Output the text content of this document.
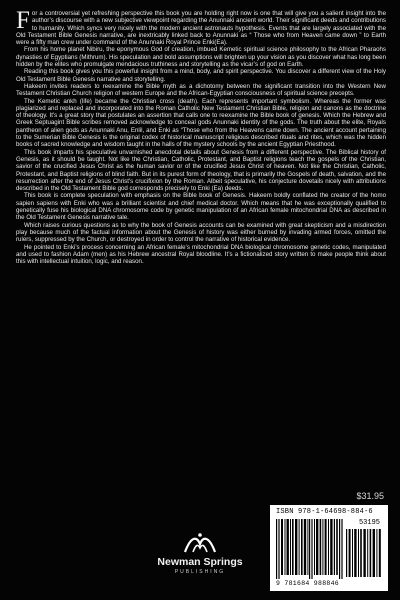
For a controversial yet refreshing perspective this book you are holding right now is one that will give you a salient insight into the author’s discourse with a new subjective viewpoint regarding the Anunnaki ancient world. Their significant deeds and contributions to humanity. Which syncs very nicely with the modern ancient astronauts hypothesis. Events that are largely associated with the Old Testament Bible Genesis narrative, are inextricably linked back to Anunnaki as “ Those who from Heaven came down ” to Earth were a fifty man crew under command of the Anunnaki Royal Prince Enki(Ea).

From his home planet Nibiru, the eponymous God of creation, imbued Kemetic spiritual science philosophy to the African Pharaohs dynasties of Egyptians (Mithrum). His speculation and bold assumptions will brighten up your vision as you discover what has long been hidden by the elites who promulgate mendacious truthiness and storytelling as the vicar’s of god on Earth.

Reading this book gives you this powerful insight from a mind, body, and spirit perspective. You discover a different view of the Holy Old Testament Bible Genesis narrative and storytelling.

Hakeem invites readers to reexamine the Bible myth as a dichotomy between the significant transition into the Western New Testament Christian Church religion of western Europe and the African-Egyptian consciousness of spiritual science precepts.

The Kemetic ankh (life) became the Christian cross (death). Each represents important symbolism. Whereas the former was plagiarized and replaced and incorporated into the Roman Catholic New Testament Christian Bible, religion and canons as the doctrine of theology. It’s a great story that postulates an assertion that calls one to reexamine the Bible book of genesis. Which the Hebrew and Greek Septuagint Bible scribes removed acknowledge to conceal gods Anunnaki identity of the gods. The truth about the elite, Royals pantheon of alien gods as Anunnaki Anu, Enlil, and Enki as “Those who from the Heavens came down. The ancient account pertaining to the Sumerian Bible Genesis is the original codex of historical manuscript religious described rituals and rites, which was the hidden books of sacred knowledge and wisdom taught in the halls of the mystery schools by the ancient Egyptian Priesthood.

This book imparts his speculative unvarnished anecdotal details about Genesis from a different perspective. The Biblical history of Genesis, as it should be taught. Not like the Christian, Catholic, Protestant, and Baptist religions teach the gospels of the Christian, savior of the crucified Jesus Christ as the human savior or of the crucified Jesus Christ of heaven. Not like the Christian, Catholic, Protestant, and Baptist religions of blind faith. But in its purest form of theology, that is primarily the Gospels of death, salvation, and the resurrection after the end of Jesus Christ’s crucifixion by the Roman. Albeit speculative, his conjecture dovetails nicely with attributions described in the Old Testament Bible god corresponds precisely to Enki (Ea) deeds.

This book is complete speculation with emphasis on the Bible book of Genesis. Hakeem boldly conflated the creator of the homo sapien sapiens with Enki who was a brilliant scientist and chief medical doctor. Which means that he was exceptionally qualified to genetically fuse his biological DNA chromosome code by genetic manipulation of an African female mitochondrial DNA as described in the Old Testament Genesis narrative tale.

Which raises curious questions as to why the book of Genesis accounts can be examined with great skepticism and a misdirection play because much of the factual information about the Genesis of history was either burned by invading armed forces, omitted the rulers, suppressed by the Church, or destroyed in order to control the narrative of historical evidence.

He pointed to Enki’s process concerning an African female’s mitochondrial DNA biological chromosome genetic codes, manipulated and used to fashion Adam (men) as his Hebrew ancestral Royal bloodline. It’s a fictionalized story written to make people think about this with intellectual intuition, logic, and reason.

$31.95
Newman Springs
PUBLISHING
ISBN 978-1-64698-884-6
53195
9 781684 988846
